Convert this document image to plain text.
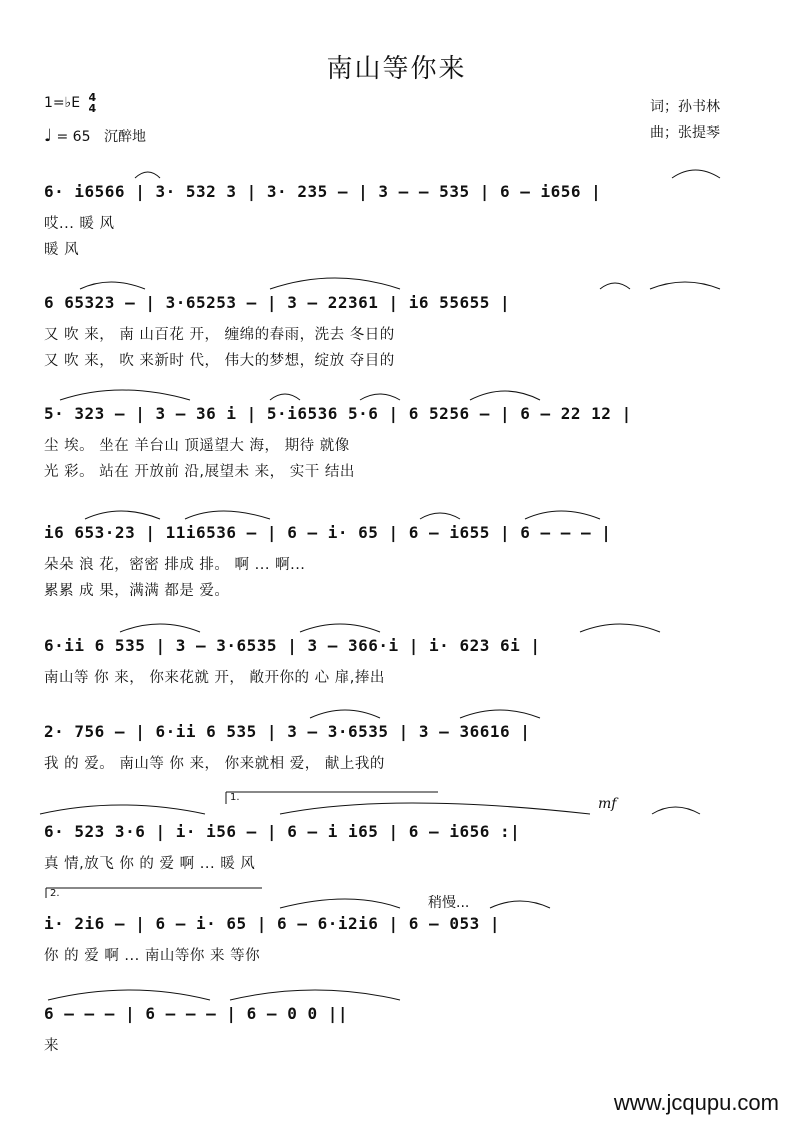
南山等你来
1=♭E 4
4
♩ = 65 沉醉地
词；孙书林
曲；张提琴
6· i6566 | 3· 532 3 | 3· 235 – | 3 – – 535 | 6 – i656 |
哎... 暖 风
暖 风
6 65323 – | 3·65253 – | 3 – 22361 | i6 55655 |
又 吹 来， 南 山百花 开， 缠绵的春雨，洗去 冬日的
又 吹 来， 吹 来新时 代， 伟大的梦想，绽放 夺目的
5· 323 – | 3 – 36 i | 5·i6536 5·6 | 6 5256 – | 6 – 22 12 |
尘 埃。 坐在 羊台山 顶遥望大 海， 期待 就像
光 彩。 站在 开放前 沿,展望未 来， 实干 结出
i6 653·23 | 11i6536 – | 6 – i· 65 | 6 – i655 | 6 – – – |
朵朵 浪 花，密密 排成 排。 啊 ... 啊...
累累 成 果，满满 都是 爱。
6·ii 6 535 | 3 – 3·6535 | 3 – 366·i | i· 623 6i |
南山等 你 来， 你来花就 开， 敞开你的 心 扉,捧出
2· 756 – | 6·ii 6 535 | 3 – 3·6535 | 3 – 36616 |
我 的 爱。 南山等 你 来， 你来就相 爱， 献上我的
1.	mf
6· 523 3·6 | i· i56 – | 6 – i i65 | 6 – i656 :|
真 情,放飞 你 的 爱 啊 ... 暖 风
2.
稍慢...
i· 2i6 – | 6 – i· 65 | 6 – 6·i2i6 | 6 – 053 |
你 的 爱 啊 ... 南山等你 来 等你
6 – – – | 6 – – – | 6 – 0 0 ||
来
www.jcqupu.com
